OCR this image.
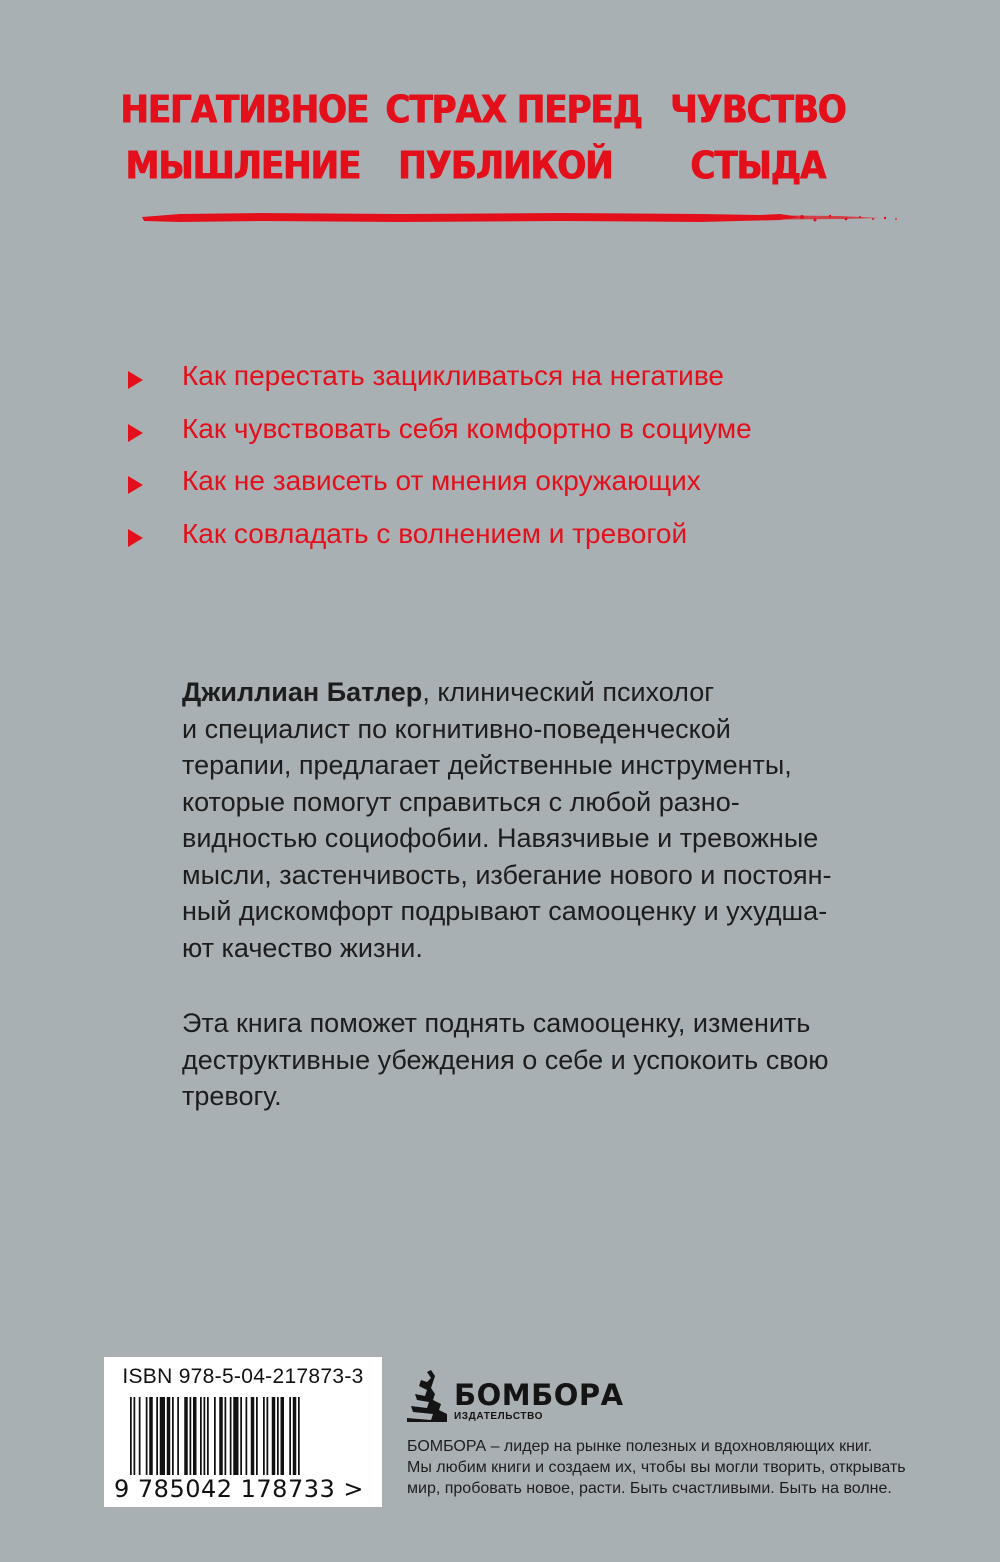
НЕГАТИВНОЕ
МЫШЛЕНИЕ
СТРАХ ПЕРЕД
ПУБЛИКОЙ
ЧУВСТВО
СТЫДА
Как перестать зацикливаться на негативе
Как чувствовать себя комфортно в социуме
Как не зависеть от мнения окружающих
Как совладать с волнением и тревогой
Джиллиан Батлер, клинический психолог
и специалист по когнитивно-поведенческой
терапии, предлагает действенные инструменты,
которые помогут справиться с любой разно-
видностью социофобии. Навязчивые и тревожные
мысли, застенчивость, избегание нового и постоян-
ный дискомфорт подрывают самооценку и ухудша-
ют качество жизни.
Эта книга поможет поднять самооценку, изменить
деструктивные убеждения о себе и успокоить свою
тревогу.
ISBN 978-5-04-217873-3
9 785042 178733 >
БОМБОРА
ИЗДАТЕЛЬСТВО
БОМБОРА – лидер на рынке полезных и вдохновляющих книг.
Мы любим книги и создаем их, чтобы вы могли творить, открывать
мир, пробовать новое, расти. Быть счастливыми. Быть на волне.
